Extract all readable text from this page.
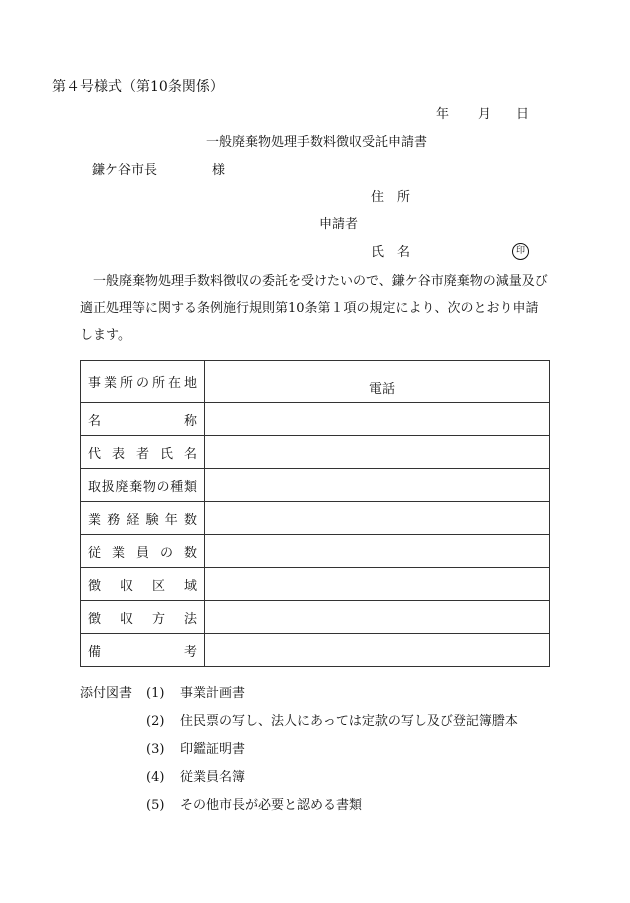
第４号様式（第10条関係）
年 月 日
一般廃棄物処理手数料徴収受託申請書
鎌ケ谷市長	様
住　所
申請者
氏　名	印

一般廃棄物処理手数料徴収の委託を受けたいので、鎌ケ谷市廃棄物の減量及び適正処理等に関する条例施行規則第10条第１項の規定により、次のとおり申請します。

事業所の所在地	電話

名称	
代表者氏名	
取扱廃棄物の種類	
業務経験年数	
従業員の数	
徴収区域	
徴収方法	
備考	
添付図書 (1) 事業計画書
(2) 住民票の写し、法人にあっては定款の写し及び登記簿謄本
(3) 印鑑証明書
(4) 従業員名簿
(5) その他市長が必要と認める書類
